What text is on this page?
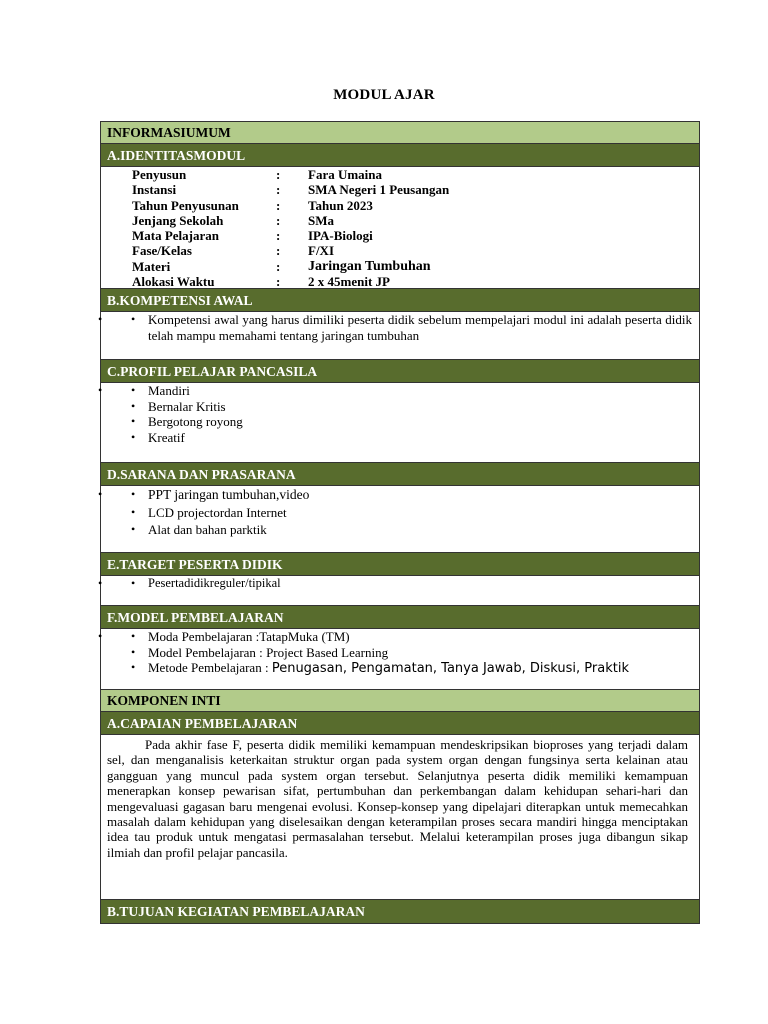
MODUL AJAR
INFORMASIUMUM
A.IDENTITASMODUL
Penyusun	: Fara Umaina
Instansi	: SMA Negeri 1 Peusangan
Tahun Penyusunan	: Tahun 2023
Jenjang Sekolah	: SMa
Mata Pelajaran	: IPA-Biologi
Fase/Kelas	: F/XI
Materi	: Jaringan Tumbuhan
Alokasi Waktu	: 2 x 45menit JP
B.KOMPETENSI AWAL
• • Kompetensi awal yang harus dimiliki peserta didik sebelum mempelajari modul ini adalah peserta didik telah mampu memahami tentang jaringan tumbuhan
C.PROFIL PELAJAR PANCASILA
• • Mandiri
• Bernalar Kritis
• Bergotong royong
• Kreatif
D.SARANA DAN PRASARANA
• • PPT jaringan tumbuhan,video
• LCD projectordan Internet
• Alat dan bahan parktik
E.TARGET PESERTA DIDIK
• • Pesertadidikreguler/tipikal
F.MODEL PEMBELAJARAN
• • Moda Pembelajaran :TatapMuka (TM)
• Model Pembelajaran : Project Based Learning
• Metode Pembelajaran : Penugasan, Pengamatan, Tanya Jawab, Diskusi, Praktik
KOMPONEN INTI
A.CAPAIAN PEMBELAJARAN
Pada akhir fase F, peserta didik memiliki kemampuan mendeskripsikan bioproses yang terjadi dalam sel, dan menganalisis keterkaitan struktur organ pada system organ dengan fungsinya serta kelainan atau gangguan yang muncul pada system organ tersebut. Selanjutnya peserta didik memiliki kemampuan menerapkan konsep pewarisan sifat, pertumbuhan dan perkembangan dalam kehidupan sehari-hari dan mengevaluasi gagasan baru mengenai evolusi. Konsep-konsep yang dipelajari diterapkan untuk memecahkan masalah dalam kehidupan yang diselesaikan dengan keterampilan proses secara mandiri hingga menciptakan idea tau produk untuk mengatasi permasalahan tersebut. Melalui keterampilan proses juga dibangun sikap ilmiah dan profil pelajar pancasila.
B.TUJUAN KEGIATAN PEMBELAJARAN
